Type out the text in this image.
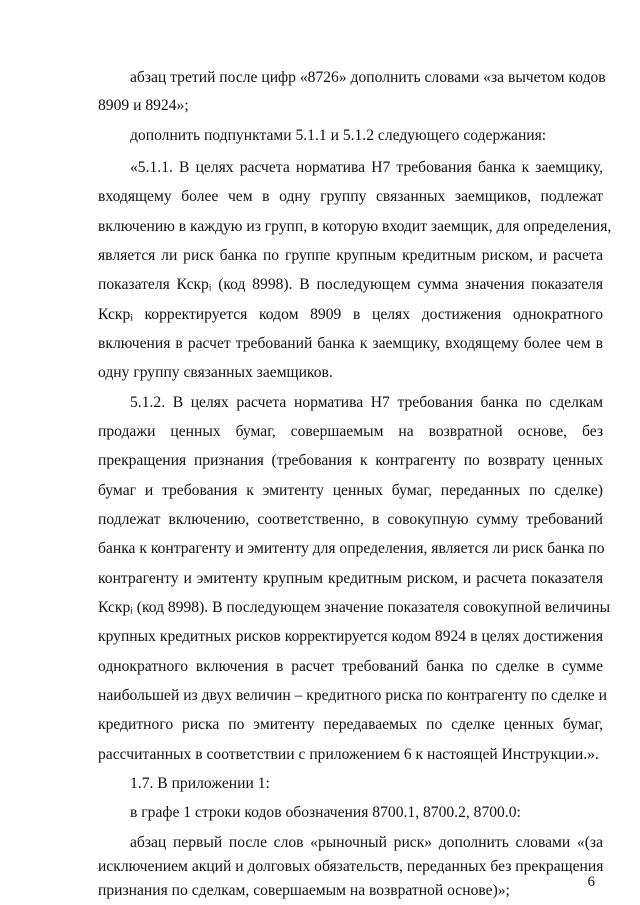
абзац третий после цифр «8726» дополнить словами «за вычетом кодов
8909 и 8924»;
дополнить подпунктами 5.1.1 и 5.1.2 следующего содержания:
«5.1.1. В целях расчета норматива Н7 требования банка к заемщику,
входящему более чем в одну группу связанных заемщиков, подлежат
включению в каждую из групп, в которую входит заемщик, для определения,
является ли риск банка по группе крупным кредитным риском, и расчета
показателя Кскрᵢ (код 8998). В последующем сумма значения показателя
Кскрᵢ корректируется кодом 8909 в целях достижения однократного
включения в расчет требований банка к заемщику, входящему более чем в
одну группу связанных заемщиков.
5.1.2. В целях расчета норматива Н7 требования банка по сделкам
продажи ценных бумаг, совершаемым на возвратной основе, без
прекращения признания (требования к контрагенту по возврату ценных
бумаг и требования к эмитенту ценных бумаг, переданных по сделке)
подлежат включению, соответственно, в совокупную сумму требований
банка к контрагенту и эмитенту для определения, является ли риск банка по
контрагенту и эмитенту крупным кредитным риском, и расчета показателя
Кскрᵢ (код 8998). В последующем значение показателя совокупной величины
крупных кредитных рисков корректируется кодом 8924 в целях достижения
однократного включения в расчет требований банка по сделке в сумме
наибольшей из двух величин – кредитного риска по контрагенту по сделке и
кредитного риска по эмитенту передаваемых по сделке ценных бумаг,
рассчитанных в соответствии с приложением 6 к настоящей Инструкции.».
1.7. В приложении 1:
в графе 1 строки кодов обозначения 8700.1, 8700.2, 8700.0:
абзац первый после слов «рыночный риск» дополнить словами «(за
исключением акций и долговых обязательств, переданных без прекращения
признания по сделкам, совершаемым на возвратной основе)»;	6
